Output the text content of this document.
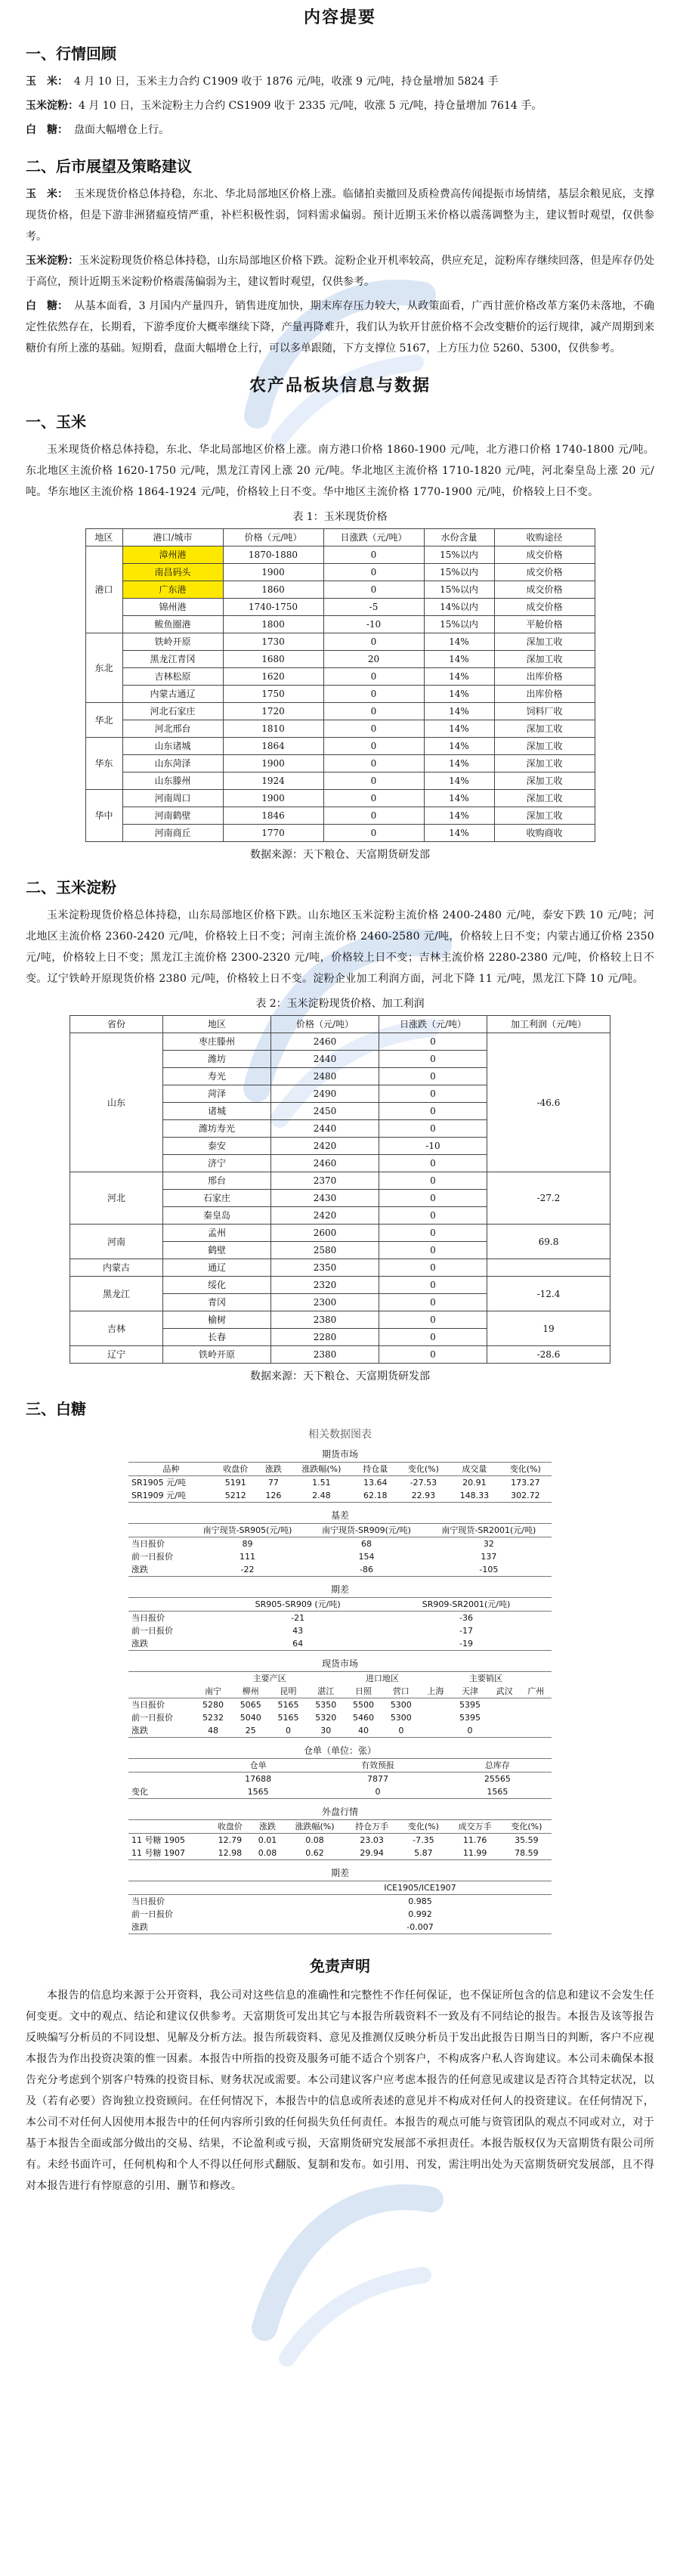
内容提要
一、行情回顾

玉　米： 4 月 10 日，玉米主力合约 C1909 收于 1876 元/吨，收涨 9 元/吨，持仓量增加 5824 手

玉米淀粉：4 月 10 日，玉米淀粉主力合约 CS1909 收于 2335 元/吨，收涨 5 元/吨，持仓量增加 7614 手。

白　糖： 盘面大幅增仓上行。

二、后市展望及策略建议

玉　米： 玉米现货价格总体持稳，东北、华北局部地区价格上涨。临储拍卖撤回及质检费高传闻提振市场情绪，基层余粮见底，支撑现货价格，但是下游非洲猪瘟疫情严重，补栏积极性弱，饲料需求偏弱。预计近期玉米价格以震荡调整为主，建议暂时观望，仅供参考。

玉米淀粉：玉米淀粉现货价格总体持稳，山东局部地区价格下跌。淀粉企业开机率较高，供应充足，淀粉库存继续回落，但是库存仍处于高位，预计近期玉米淀粉价格震荡偏弱为主，建议暂时观望，仅供参考。

白　糖： 从基本面看，3 月国内产量四升，销售进度加快，期末库存压力较大，从政策面看，广西甘蔗价格改革方案仍未落地，不确定性依然存在，长期看，下游季度价大概率继续下降，产量再降难升，我们认为软开甘蔗价格不会改变糖价的运行规律，减产周期到来糖价有所上涨的基础。短期看，盘面大幅增仓上行，可以多单跟随，下方支撑位 5167，上方压力位 5260、5300，仅供参考。

农产品板块信息与数据
一、玉米

玉米现货价格总体持稳，东北、华北局部地区价格上涨。南方港口价格 1860-1900 元/吨，北方港口价格 1740-1800 元/吨。东北地区主流价格 1620-1750 元/吨，黑龙江青冈上涨 20 元/吨。华北地区主流价格 1710-1820 元/吨，河北秦皇岛上涨 20 元/吨。华东地区主流价格 1864-1924 元/吨，价格较上日不变。华中地区主流价格 1770-1900 元/吨，价格较上日不变。

表 1：玉米现货价格
地区	港口/城市	价格（元/吨）	日涨跌（元/吨）	水份含量	收购途径
港口	漳州港	1870-1880	0	15%以内	成交价格
	南昌码头	1900	0	15%以内	成交价格
	广东港	1860	0	15%以内	成交价格
	锦州港	1740-1750	-5	14%以内	成交价格
	鲅鱼圈港	1800	-10	15%以内	平舱价格
东北	铁岭开原	1730	0	14%	深加工收
	黑龙江青冈	1680	20	14%	深加工收
	吉林松原	1620	0	14%	出库价格
	内蒙古通辽	1750	0	14%	出库价格
华北	河北石家庄	1720	0	14%	饲料厂收
	河北邢台	1810	0	14%	深加工收
华东	山东诸城	1864	0	14%	深加工收
	山东菏泽	1900	0	14%	深加工收
	山东滕州	1924	0	14%	深加工收
华中	河南周口	1900	0	14%	深加工收
	河南鹤壁	1846	0	14%	深加工收
	河南商丘	1770	0	14%	收购商收
数据来源：天下粮仓、天富期货研发部
二、玉米淀粉

玉米淀粉现货价格总体持稳，山东局部地区价格下跌。山东地区玉米淀粉主流价格 2400-2480 元/吨，泰安下跌 10 元/吨；河北地区主流价格 2360-2420 元/吨，价格较上日不变；河南主流价格 2460-2580 元/吨，价格较上日不变；内蒙古通辽价格 2350 元/吨，价格较上日不变；黑龙江主流价格 2300-2320 元/吨，价格较上日不变；吉林主流价格 2280-2380 元/吨，价格较上日不变。辽宁铁岭开原现货价格 2380 元/吨，价格较上日不变。淀粉企业加工利润方面，河北下降 11 元/吨，黑龙江下降 10 元/吨。

表 2：玉米淀粉现货价格、加工利润
省份	地区	价格（元/吨）	日涨跌（元/吨）	加工利润（元/吨）
山东	枣庄滕州	2460	0	-46.6
	潍坊	2440	0	
	寿光	2480	0	
	菏泽	2490	0	
	诸城	2450	0	
	潍坊寿光	2440	0	
	泰安	2420	-10	
	济宁	2460	0	
河北	邢台	2370	0	-27.2
	石家庄	2430	0	
	秦皇岛	2420	0	
河南	孟州	2600	0	69.8
	鹤壁	2580	0	
内蒙古	通辽	2350	0	
黑龙江	绥化	2320	0	-12.4
	青冈	2300	0	
吉林	榆树	2380	0	19
	长春	2280	0	
辽宁	铁岭开原	2380	0	-28.6
数据来源：天下粮仓、天富期货研发部
三、白糖
相关数据图表
期货市场
品种	收盘价	涨跌	涨跌幅(%)	持仓量	变化(%)	成交量	变化(%)
SR1905 元/吨	5191	77	1.51	13.64	-27.53	20.91	173.27
SR1909 元/吨	5212	126	2.48	62.18	22.93	148.33	302.72
基差
	南宁现货-SR905(元/吨)	南宁现货-SR909(元/吨)	南宁现货-SR2001(元/吨)
当日报价	89	68	32
前一日报价	111	154	137
涨跌	-22	-86	-105
期差
	SR905-SR909 (元/吨)	SR909-SR2001(元/吨)
当日报价	-21	-36
前一日报价	43	-17
涨跌	64	-19
现货市场
	主要产区				进口地区		主要销区			
	南宁	柳州	昆明	湛江	日照	营口	上海	天津	武汉	广州
当日报价	5280	5065	5165	5350	5500	5300		5395		
前一日报价	5232	5040	5165	5320	5460	5300		5395		
涨跌	48	25	0	30	40	0		0		
仓单（单位：张）
	仓单	有效预报	总库存
	17688	7877	25565
变化	1565	0	1565
外盘行情
	收盘价	涨跌	涨跌幅(%)	持仓万手	变化(%)	成交万手	变化(%)
11 号糖 1905	12.79	0.01	0.08	23.03	-7.35	11.76	35.59
11 号糖 1907	12.98	0.08	0.62	29.94	5.87	11.99	78.59
期差
	ICE1905/ICE1907
当日报价	0.985
前一日报价	0.992
涨跌	-0.007
免责声明

本报告的信息均来源于公开资料，我公司对这些信息的准确性和完整性不作任何保证，也不保证所包含的信息和建议不会发生任何变更。文中的观点、结论和建议仅供参考。天富期货可发出其它与本报告所载资料不一致及有不同结论的报告。本报告及该等报告反映编写分析员的不同设想、见解及分析方法。报告所载资料、意见及推测仅反映分析员于发出此报告日期当日的判断，客户不应视本报告为作出投资决策的惟一因素。本报告中所指的投资及服务可能不适合个别客户，不构成客户私人咨询建议。本公司未确保本报告充分考虑到个别客户特殊的投资目标、财务状况或需要。本公司建议客户应考虑本报告的任何意见或建议是否符合其特定状况，以及（若有必要）咨询独立投资顾问。在任何情况下，本报告中的信息或所表述的意见并不构成对任何人的投资建议。在任何情况下，本公司不对任何人因使用本报告中的任何内容所引致的任何损失负任何责任。本报告的观点可能与资管团队的观点不同或对立，对于基于本报告全面或部分做出的交易、结果，不论盈利或亏损，天富期货研究发展部不承担责任。本报告版权仅为天富期货有限公司所有。未经书面许可，任何机构和个人不得以任何形式翻版、复制和发布。如引用、刊发，需注明出处为天富期货研究发展部，且不得对本报告进行有悖原意的引用、删节和修改。
